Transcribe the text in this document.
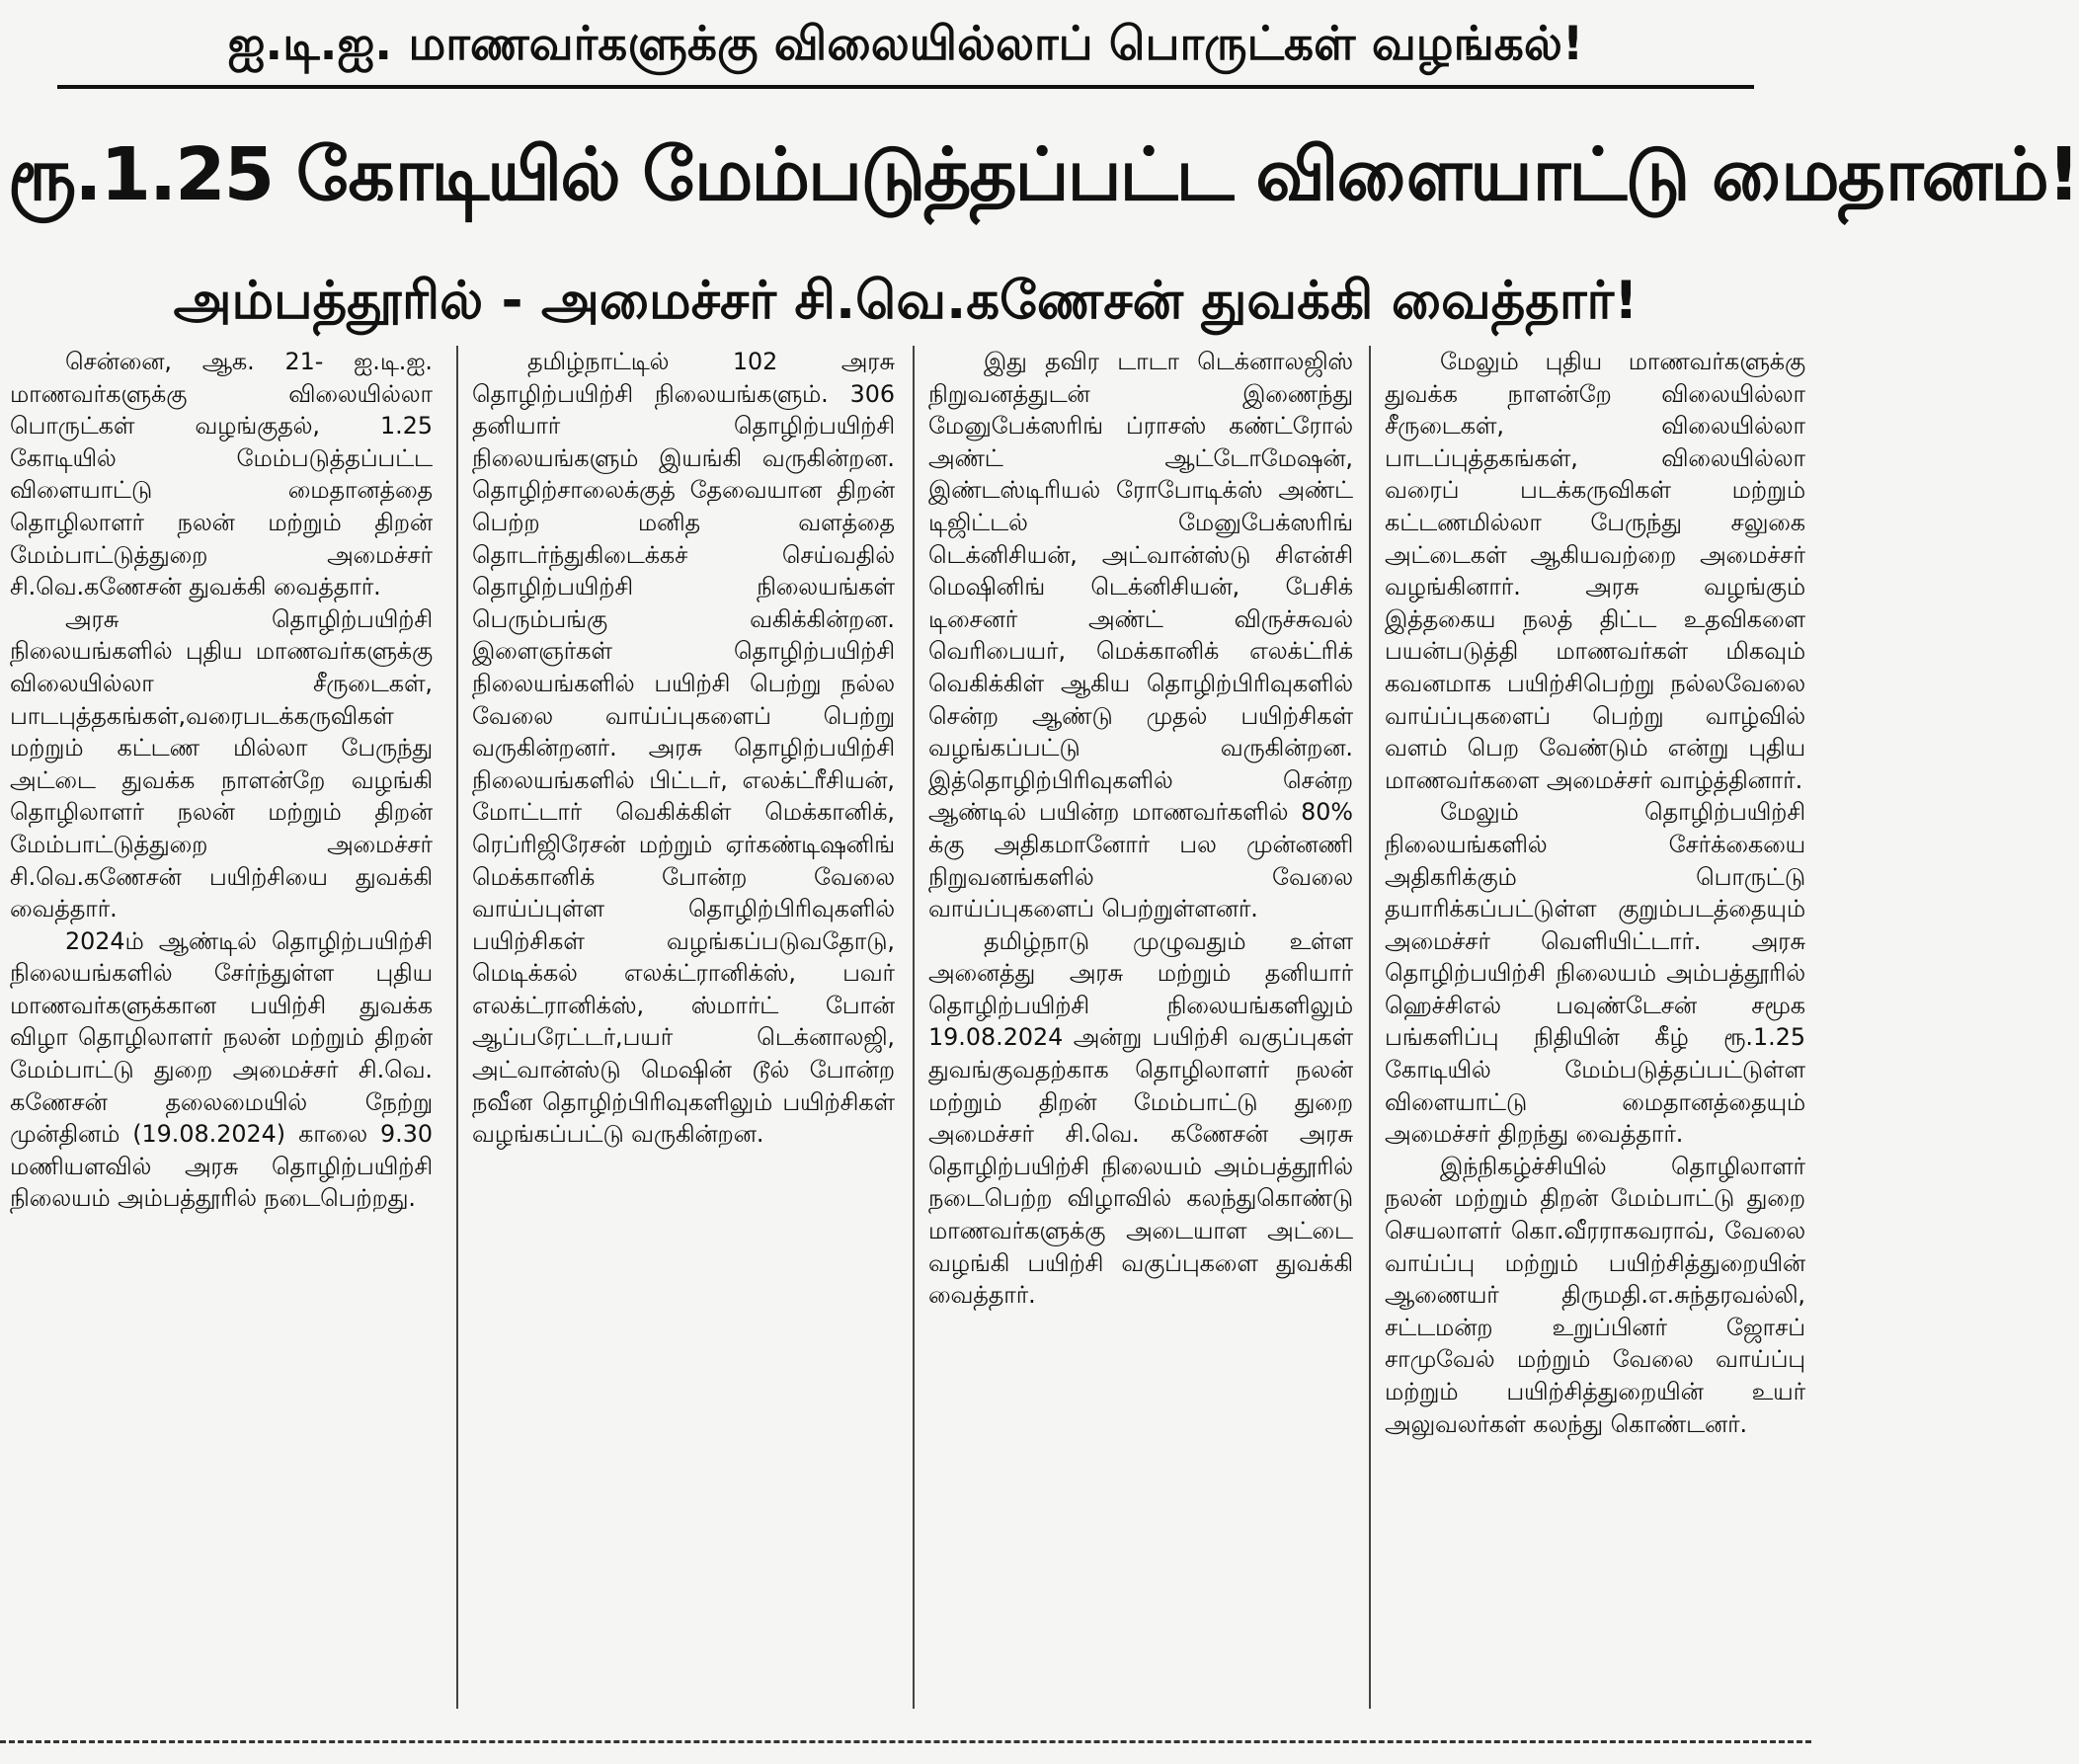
ஐ.டி.ஐ. மாணவர்களுக்கு விலையில்லாப் பொருட்கள் வழங்கல்!
ரூ.1.25 கோடியில் மேம்படுத்தப்பட்ட விளையாட்டு மைதானம்!
அம்பத்தூரில் - அமைச்சர் சி.வெ.கணேசன் துவக்கி வைத்தார்!

சென்னை, ஆக. 21- ஐ.டி.ஐ. மாணவர்களுக்கு விலையில்லா பொருட்கள் வழங்குதல், 1.25 கோடியில் மேம்படுத்தப்பட்ட விளையாட்டு மைதானத்தை தொழிலாளர் நலன் மற்றும் திறன் மேம்பாட்டுத்துறை அமைச்சர் சி.வெ.கணேசன் துவக்கி வைத்தார்.

அரசு தொழிற்பயிற்சி நிலையங்களில் புதிய மாணவர்களுக்கு விலையில்லா சீருடைகள், பாடபுத்தகங்கள்,வரைபடக்கருவிகள் மற்றும் கட்டண மில்லா பேருந்து அட்டை துவக்க நாளன்றே வழங்கி தொழிலாளர் நலன் மற்றும் திறன் மேம்பாட்டுத்துறை அமைச்சர் சி.வெ.கணேசன் பயிற்சியை துவக்கி வைத்தார்.

2024ம் ஆண்டில் தொழிற்பயிற்சி நிலையங்களில் சேர்ந்துள்ள புதிய மாணவர்களுக்கான பயிற்சி துவக்க விழா தொழிலாளர் நலன் மற்றும் திறன் மேம்பாட்டு துறை அமைச்சர் சி.வெ. கணேசன் தலைமையில் நேற்று முன்தினம் (19.08.2024) காலை 9.30 மணியளவில் அரசு தொழிற்பயிற்சி நிலையம் அம்பத்தூரில் நடைபெற்றது.

தமிழ்நாட்டில் 102 அரசு தொழிற்பயிற்சி நிலையங்களும். 306 தனியார் தொழிற்பயிற்சி நிலையங்களும் இயங்கி வருகின்றன. தொழிற்சாலைக்குத் தேவையான திறன் பெற்ற மனித வளத்தை தொடர்ந்துகிடைக்கச் செய்வதில் தொழிற்பயிற்சி நிலையங்கள் பெரும்பங்கு வகிக்கின்றன. இளைஞர்கள் தொழிற்பயிற்சி நிலையங்களில் பயிற்சி பெற்று நல்ல வேலை வாய்ப்புகளைப் பெற்று வருகின்றனர். அரசு தொழிற்பயிற்சி நிலையங்களில் பிட்டர், எலக்ட்ரீசியன், மோட்டார் வெகிக்கிள் மெக்கானிக், ரெப்ரிஜிரேசன் மற்றும் ஏர்கண்டிஷனிங் மெக்கானிக் போன்ற வேலை வாய்ப்புள்ள தொழிற்பிரிவுகளில் பயிற்சிகள் வழங்கப்படுவதோடு, மெடிக்கல் எலக்ட்ரானிக்ஸ், பவர் எலக்ட்ரானிக்ஸ், ஸ்மார்ட் போன் ஆப்பரேட்டர்,பயர் டெக்னாலஜி, அட்வான்ஸ்டு மெஷின் டூல் போன்ற நவீன தொழிற்பிரிவுகளிலும் பயிற்சிகள் வழங்கப்பட்டு வருகின்றன.

இது தவிர டாடா டெக்னாலஜிஸ் நிறுவனத்துடன் இணைந்து மேனுபேக்ஸரிங் ப்ராசஸ் கண்ட்ரோல் அண்ட் ஆட்டோமேஷன், இண்டஸ்டிரியல் ரோபோடிக்ஸ் அண்ட் டிஜிட்டல் மேனுபேக்ஸரிங் டெக்னிசியன், அட்வான்ஸ்டு சிஎன்சி மெஷினிங் டெக்னிசியன், பேசிக் டிசைனர் அண்ட் விருச்சுவல் வெரிபையர், மெக்கானிக் எலக்ட்ரிக் வெகிக்கிள் ஆகிய தொழிற்பிரிவுகளில் சென்ற ஆண்டு முதல் பயிற்சிகள் வழங்கப்பட்டு வருகின்றன. இத்தொழிற்பிரிவுகளில் சென்ற ஆண்டில் பயின்ற மாணவர்களில் 80% க்கு அதிகமானோர் பல முன்னணி நிறுவனங்களில் வேலை வாய்ப்புகளைப் பெற்றுள்ளனர்.

தமிழ்நாடு முழுவதும் உள்ள அனைத்து அரசு மற்றும் தனியார் தொழிற்பயிற்சி நிலையங்களிலும் 19.08.2024 அன்று பயிற்சி வகுப்புகள் துவங்குவதற்காக தொழிலாளர் நலன் மற்றும் திறன் மேம்பாட்டு துறை அமைச்சர் சி.வெ. கணேசன் அரசு தொழிற்பயிற்சி நிலையம் அம்பத்தூரில் நடைபெற்ற விழாவில் கலந்துகொண்டு மாணவர்களுக்கு அடையாள அட்டை வழங்கி பயிற்சி வகுப்புகளை துவக்கி வைத்தார்.

மேலும் புதிய மாணவர்களுக்கு துவக்க நாளன்றே விலையில்லா சீருடைகள், விலையில்லா பாடப்புத்தகங்கள், விலையில்லா வரைப் படக்கருவிகள் மற்றும் கட்டணமில்லா பேருந்து சலுகை அட்டைகள் ஆகியவற்றை அமைச்சர் வழங்கினார். அரசு வழங்கும் இத்தகைய நலத் திட்ட உதவிகளை பயன்படுத்தி மாணவர்கள் மிகவும் கவனமாக பயிற்சிபெற்று நல்லவேலை வாய்ப்புகளைப் பெற்று வாழ்வில் வளம் பெற வேண்டும் என்று புதிய மாணவர்களை அமைச்சர் வாழ்த்தினார்.

மேலும் தொழிற்பயிற்சி நிலையங்களில் சேர்க்கையை அதிகரிக்கும் பொருட்டு தயாரிக்கப்பட்டுள்ள குறும்படத்தையும் அமைச்சர் வெளியிட்டார். அரசு தொழிற்பயிற்சி நிலையம் அம்பத்தூரில் ஹெச்சிஎல் பவுண்டேசன் சமூக பங்களிப்பு நிதியின் கீழ் ரூ.1.25 கோடியில் மேம்படுத்தப்பட்டுள்ள விளையாட்டு மைதானத்தையும் அமைச்சர் திறந்து வைத்தார்.

இந்நிகழ்ச்சியில் தொழிலாளர் நலன் மற்றும் திறன் மேம்பாட்டு துறை செயலாளர் கொ.வீரராகவராவ், வேலை வாய்ப்பு மற்றும் பயிற்சித்துறையின் ஆணையர் திருமதி.எ.சுந்தரவல்லி, சட்டமன்ற உறுப்பினர் ஜோசப் சாமுவேல் மற்றும் வேலை வாய்ப்பு மற்றும் பயிற்சித்துறையின் உயர் அலுவலர்கள் கலந்து கொண்டனர்.
